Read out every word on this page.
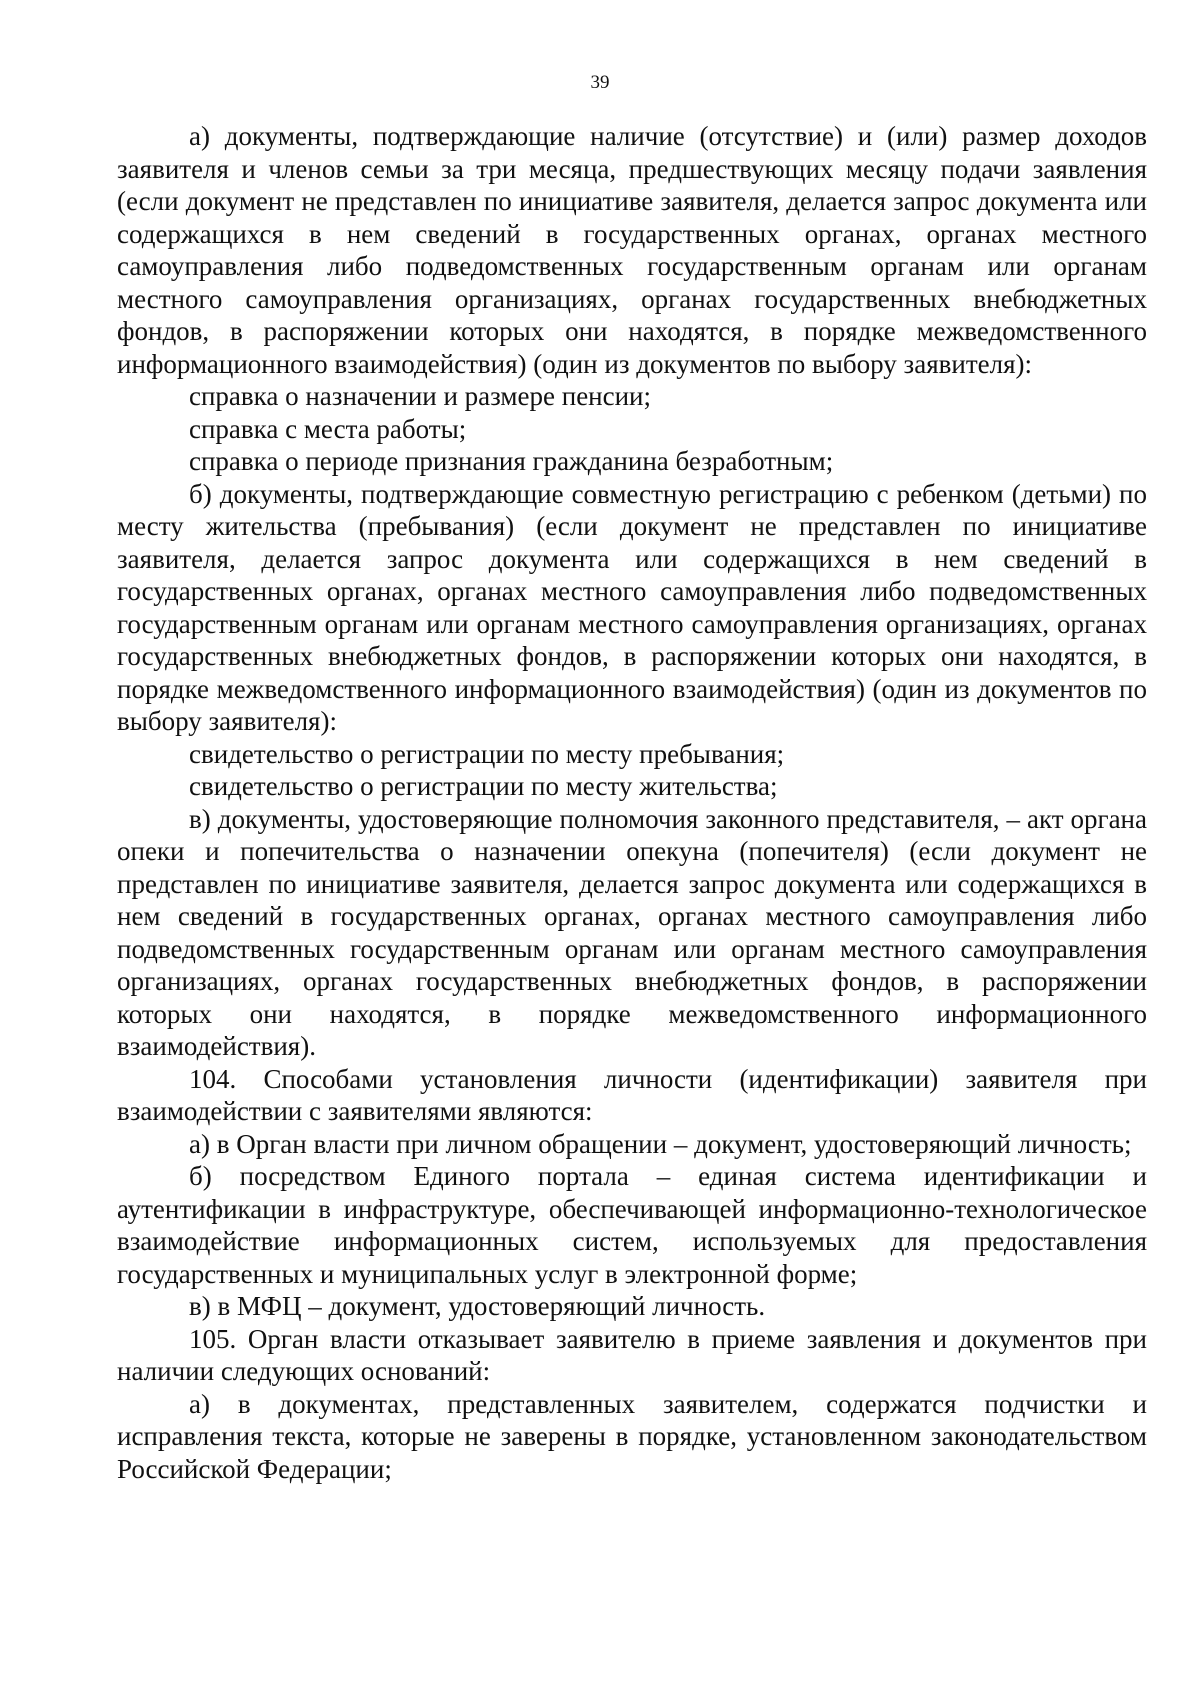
39

а) документы, подтверждающие наличие (отсутствие) и (или) размер доходов заявителя и членов семьи за три месяца, предшествующих месяцу подачи заявления (если документ не представлен по инициативе заявителя, делается запрос документа или содержащихся в нем сведений в государственных органах, органах местного самоуправления либо подведомственных государственным органам или органам местного самоуправления организациях, органах государственных внебюджетных фондов, в распоряжении которых они находятся, в порядке межведомственного информационного взаимодействия) (один из документов по выбору заявителя):

справка о назначении и размере пенсии;

справка с места работы;

справка о периоде признания гражданина безработным;

б) документы, подтверждающие совместную регистрацию с ребенком (детьми) по месту жительства (пребывания) (если документ не представлен по инициативе заявителя, делается запрос документа или содержащихся в нем сведений в государственных органах, органах местного самоуправления либо подведомственных государственным органам или органам местного самоуправления организациях, органах государственных внебюджетных фондов, в распоряжении которых они находятся, в порядке межведомственного информационного взаимодействия) (один из документов по выбору заявителя):

свидетельство о регистрации по месту пребывания;

свидетельство о регистрации по месту жительства;

в) документы, удостоверяющие полномочия законного представителя, – акт органа опеки и попечительства о назначении опекуна (попечителя) (если документ не представлен по инициативе заявителя, делается запрос документа или содержащихся в нем сведений в государственных органах, органах местного самоуправления либо подведомственных государственным органам или органам местного самоуправления организациях, органах государственных внебюджетных фондов, в распоряжении которых они находятся, в порядке межведомственного информационного взаимодействия).

104. Способами установления личности (идентификации) заявителя при взаимодействии с заявителями являются:

а) в Орган власти при личном обращении – документ, удостоверяющий личность;

б) посредством Единого портала – единая система идентификации и аутентификации в инфраструктуре, обеспечивающей информационно-технологическое взаимодействие информационных систем, используемых для предоставления государственных и муниципальных услуг в электронной форме;

в) в МФЦ – документ, удостоверяющий личность.

105. Орган власти отказывает заявителю в приеме заявления и документов при наличии следующих оснований:

а) в документах, представленных заявителем, содержатся подчистки и исправления текста, которые не заверены в порядке, установленном законодательством Российской Федерации;
